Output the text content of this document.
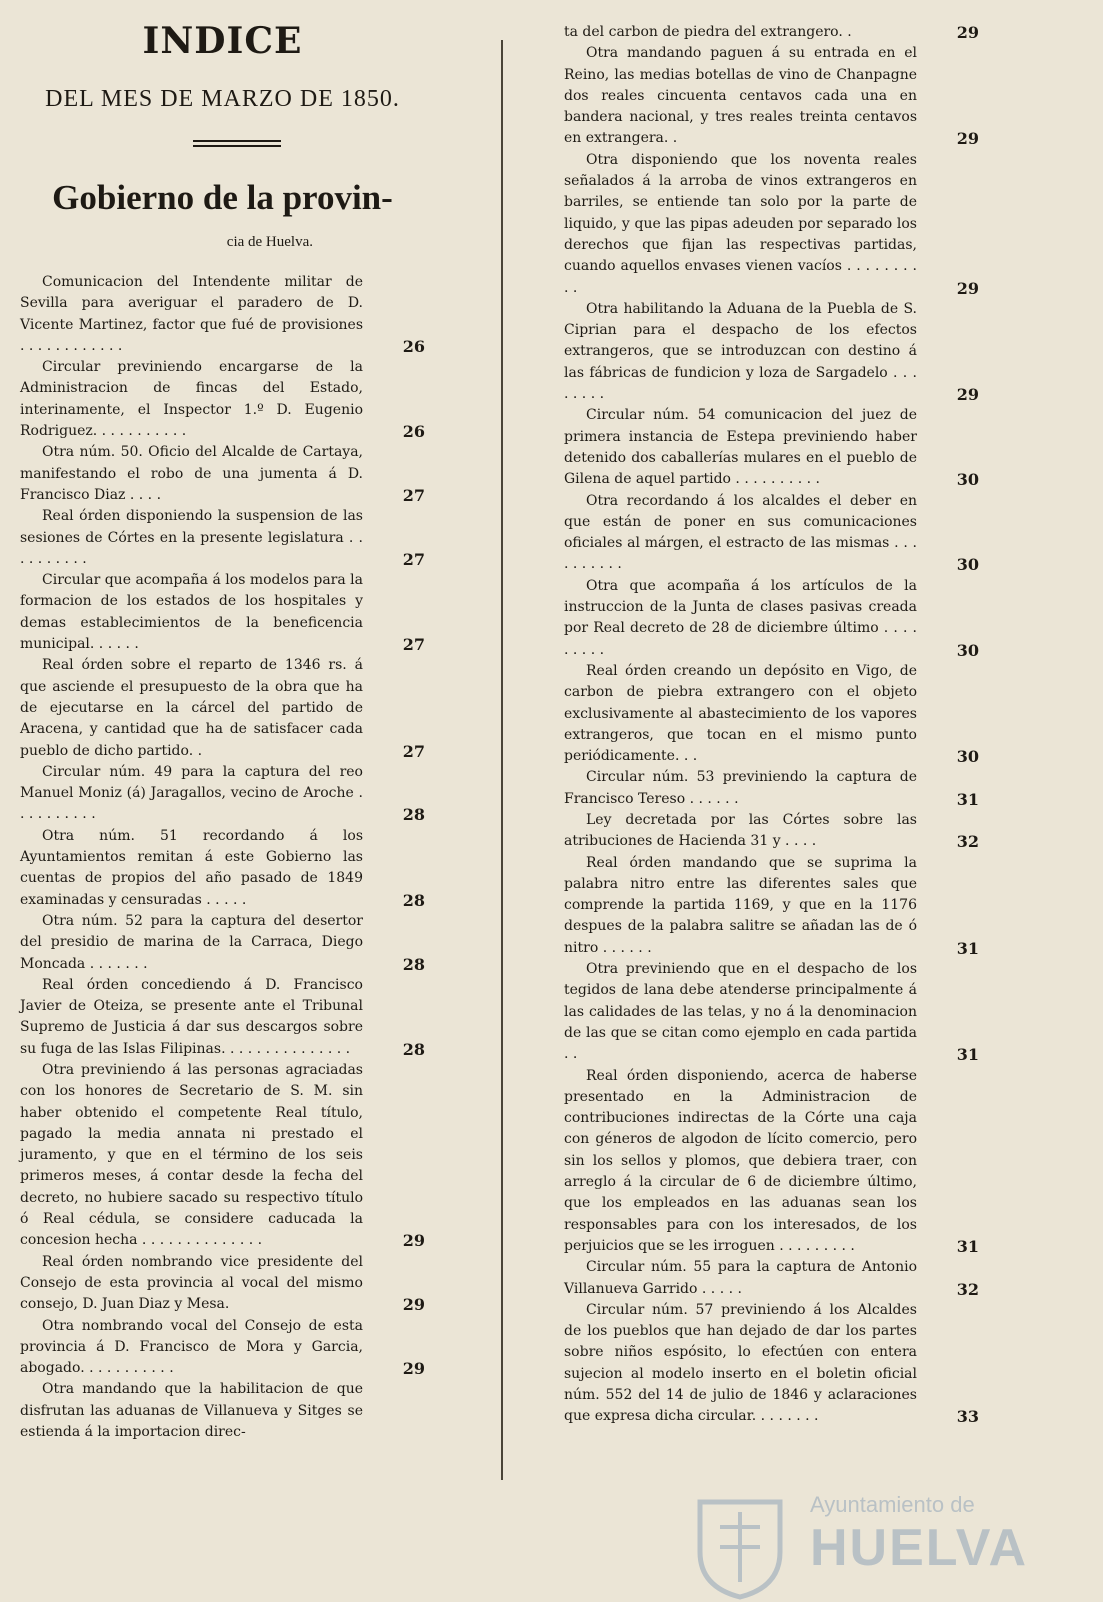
INDICE
DEL MES DE MARZO DE 1850.
Gobierno de la provin-
cia de Huelva.

Comunicacion del Intendente militar de Sevilla para averiguar el paradero de D. Vicente Martinez, factor que fué de provisiones . . . . . . . . . . . .	26

Circular previniendo encargarse de la Administracion de fincas del Estado, interinamente, el Inspector 1.º D. Eugenio Rodriguez. . . . . . . . . . .	26

Otra núm. 50. Oficio del Alcalde de Cartaya, manifestando el robo de una jumenta á D. Francisco Diaz . . . .	27

Real órden disponiendo la suspension de las sesiones de Córtes en la presente legislatura . . . . . . . . . .	27

Circular que acompaña á los modelos para la formacion de los estados de los hospitales y demas establecimientos de la beneficencia municipal. . . . . .	27

Real órden sobre el reparto de 1346 rs. á que asciende el presupuesto de la obra que ha de ejecutarse en la cárcel del partido de Aracena, y cantidad que ha de satisfacer cada pueblo de dicho partido. .	27

Circular núm. 49 para la captura del reo Manuel Moniz (á) Jaragallos, vecino de Aroche . . . . . . . . . .	28

Otra núm. 51 recordando á los Ayuntamientos remitan á este Gobierno las cuentas de propios del año pasado de 1849 examinadas y censuradas . . . . .	28

Otra núm. 52 para la captura del desertor del presidio de marina de la Carraca, Diego Moncada . . . . . . .	28

Real órden concediendo á D. Francisco Javier de Oteiza, se presente ante el Tribunal Supremo de Justicia á dar sus descargos sobre su fuga de las Islas Filipinas. . . . . . . . . . . . . . .	28

Otra previniendo á las personas agraciadas con los honores de Secretario de S. M. sin haber obtenido el competente Real título, pagado la media annata ni prestado el juramento, y que en el término de los seis primeros meses, á contar desde la fecha del decreto, no hubiere sacado su respectivo título ó Real cédula, se considere caducada la concesion hecha . . . . . . . . . . . . . .	29

Real órden nombrando vice presidente del Consejo de esta provincia al vocal del mismo consejo, D. Juan Diaz y Mesa.	29

Otra nombrando vocal del Consejo de esta provincia á D. Francisco de Mora y Garcia, abogado. . . . . . . . . . .	29

Otra mandando que la habilitacion de que disfrutan las aduanas de Villanueva y Sitges se estienda á la importacion direc-

ta del carbon de piedra del extrangero. .	29

Otra mandando paguen á su entrada en el Reino, las medias botellas de vino de Chanpagne dos reales cincuenta centavos cada una en bandera nacional, y tres reales treinta centavos en extrangera. .	29

Otra disponiendo que los noventa reales señalados á la arroba de vinos extrangeros en barriles, se entiende tan solo por la parte de liquido, y que las pipas adeuden por separado los derechos que fijan las respectivas partidas, cuando aquellos envases vienen vacíos . . . . . . . . . .	29

Otra habilitando la Aduana de la Puebla de S. Ciprian para el despacho de los efectos extrangeros, que se introduzcan con destino á las fábricas de fundicion y loza de Sargadelo . . . . . . . .	29

Circular núm. 54 comunicacion del juez de primera instancia de Estepa previniendo haber detenido dos caballerías mulares en el pueblo de Gilena de aquel partido . . . . . . . . . .	30

Otra recordando á los alcaldes el deber en que están de poner en sus comunicaciones oficiales al márgen, el estracto de las mismas . . . . . . . . . .	30

Otra que acompaña á los artículos de la instruccion de la Junta de clases pasivas creada por Real decreto de 28 de diciembre último . . . . . . . . .	30

Real órden creando un depósito en Vigo, de carbon de piebra extrangero con el objeto exclusivamente al abastecimiento de los vapores extrangeros, que tocan en el mismo punto periódicamente. . .	30

Circular núm. 53 previniendo la captura de Francisco Tereso . . . . . .	31

Ley decretada por las Córtes sobre las atribuciones de Hacienda 31 y . . . .	32

Real órden mandando que se suprima la palabra nitro entre las diferentes sales que comprende la partida 1169, y que en la 1176 despues de la palabra salitre se añadan las de ó nitro . . . . . .	31

Otra previniendo que en el despacho de los tegidos de lana debe atenderse principalmente á las calidades de las telas, y no á la denominacion de las que se citan como ejemplo en cada partida . .	31

Real órden disponiendo, acerca de haberse presentado en la Administracion de contribuciones indirectas de la Córte una caja con géneros de algodon de lícito comercio, pero sin los sellos y plomos, que debiera traer, con arreglo á la circular de 6 de diciembre último, que los empleados en las aduanas sean los responsables para con los interesados, de los perjuicios que se les irroguen . . . . . . . . .	31

Circular núm. 55 para la captura de Antonio Villanueva Garrido . . . . .	32

Circular núm. 57 previniendo á los Alcaldes de los pueblos que han dejado de dar los partes sobre niños espósito, lo efectúen con entera sujecion al modelo inserto en el boletin oficial núm. 552 del 14 de julio de 1846 y aclaraciones que expresa dicha circular. . . . . . . .	33
Ayuntamiento de
HUELVA
